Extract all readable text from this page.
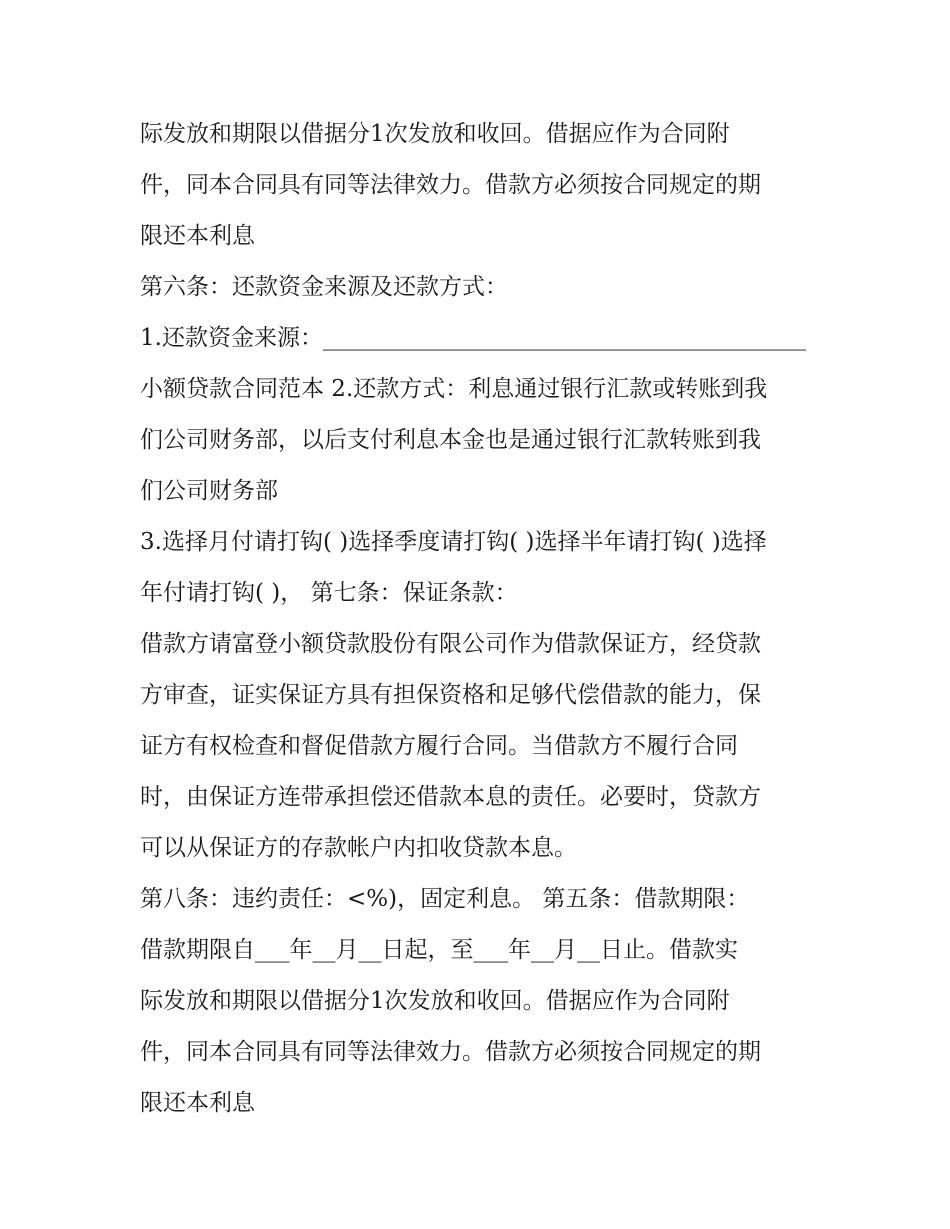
际发放和期限以借据分1次发放和收回。借据应作为合同附
件，同本合同具有同等法律效力。借款方必须按合同规定的期
限还本利息
第六条：还款资金来源及还款方式：
1.还款资金来源：__________________________________________
小额贷款合同范本 2.还款方式：利息通过银行汇款或转账到我
们公司财务部，以后支付利息本金也是通过银行汇款转账到我
们公司财务部
3.选择月付请打钩( )选择季度请打钩( )选择半年请打钩( )选择
年付请打钩( )， 第七条：保证条款：
借款方请富登小额贷款股份有限公司作为借款保证方，经贷款
方审查，证实保证方具有担保资格和足够代偿借款的能力，保
证方有权检查和督促借款方履行合同。当借款方不履行合同
时，由保证方连带承担偿还借款本息的责任。必要时，贷款方
可以从保证方的存款帐户内扣收贷款本息。
第八条：违约责任：<%)，固定利息。 第五条：借款期限：
借款期限自___年__月__日起，至___年__月__日止。借款实
际发放和期限以借据分1次发放和收回。借据应作为合同附
件，同本合同具有同等法律效力。借款方必须按合同规定的期
限还本利息
